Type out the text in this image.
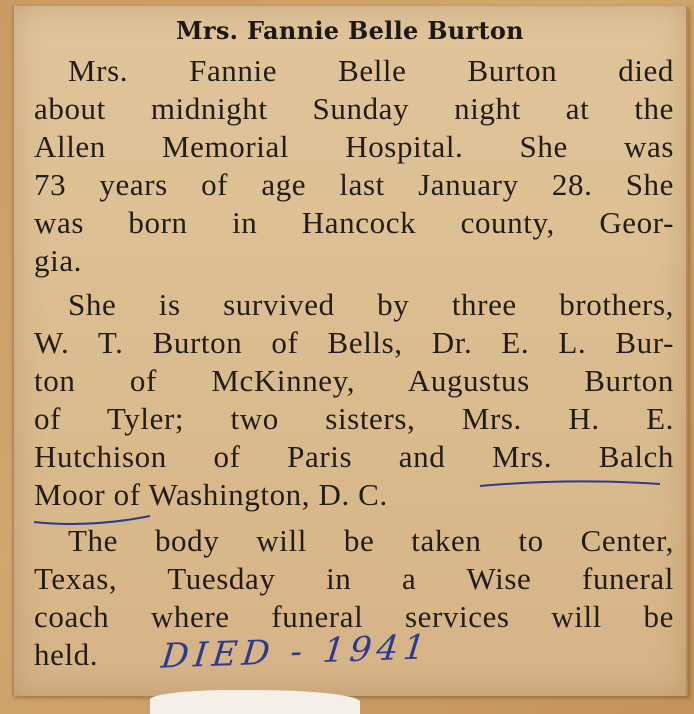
Mrs. Fannie Belle Burton
Mrs. Fannie Belle Burton died
about midnight Sunday night at the
Allen Memorial Hospital. She was
73 years of age last January 28. She
was born in Hancock county, Geor-
gia.
She is survived by three brothers,
W. T. Burton of Bells, Dr. E. L. Bur-
ton of McKinney, Augustus Burton
of Tyler; two sisters, Mrs. H. E.
Hutchison of Paris and Mrs. Balch
Moor of Washington, D. C.
The body will be taken to Center,
Texas, Tuesday in a Wise funeral
coach where funeral services will be
held. DIED - 1941
